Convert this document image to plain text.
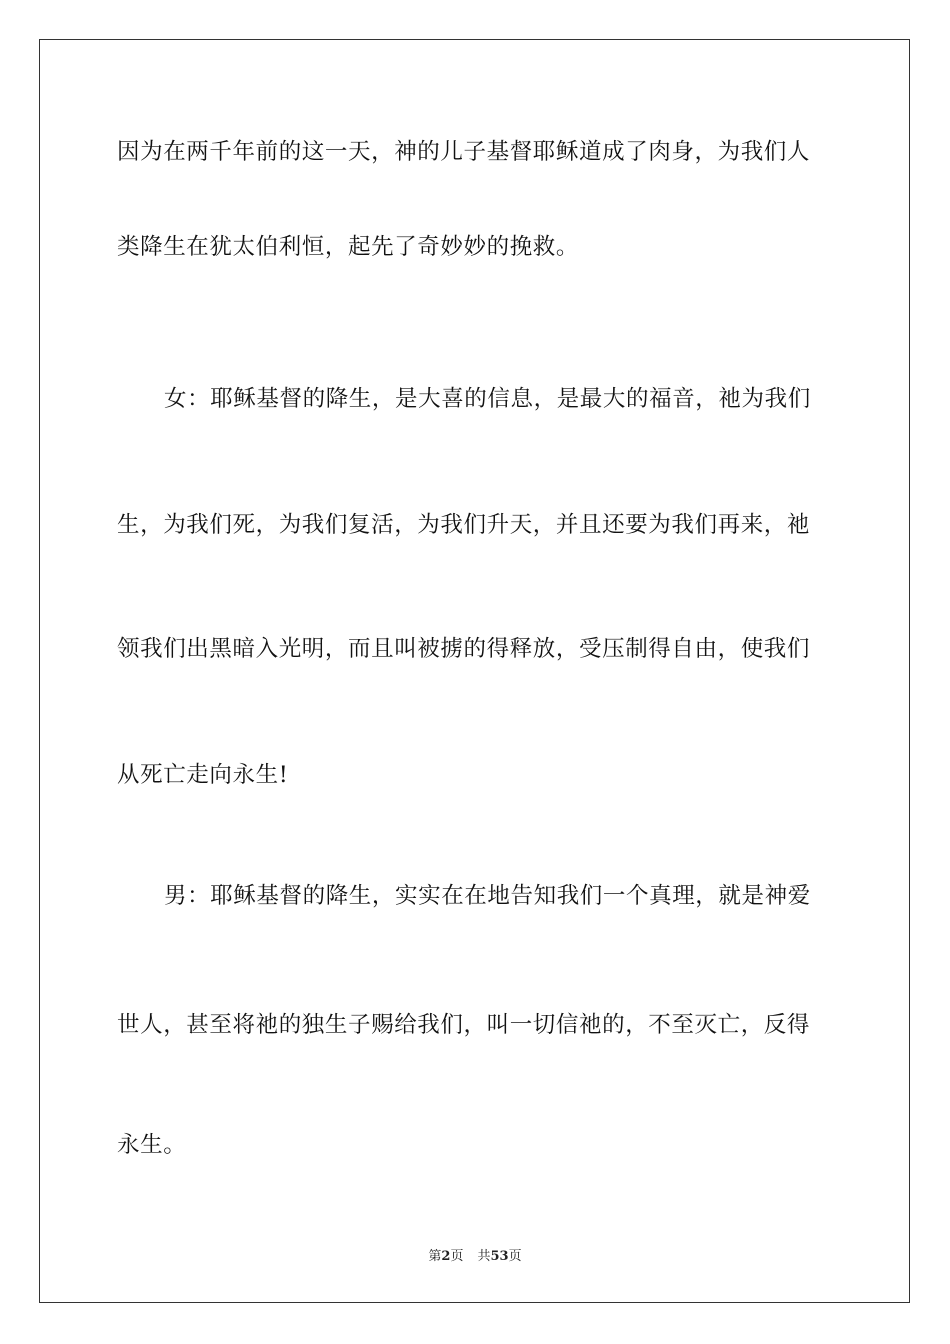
因为在两千年前的这一天，神的儿子基督耶稣道成了肉身，为我们人
类降生在犹太伯利恒，起先了奇妙妙的挽救。
女：耶稣基督的降生，是大喜的信息，是最大的福音，祂为我们
生，为我们死，为我们复活，为我们升天，并且还要为我们再来，祂
领我们出黑暗入光明，而且叫被掳的得释放，受压制得自由，使我们
从死亡走向永生!
男：耶稣基督的降生，实实在在地告知我们一个真理，就是神爱
世人，甚至将祂的独生子赐给我们，叫一切信祂的，不至灭亡，反得
永生。
第2页 共53页
